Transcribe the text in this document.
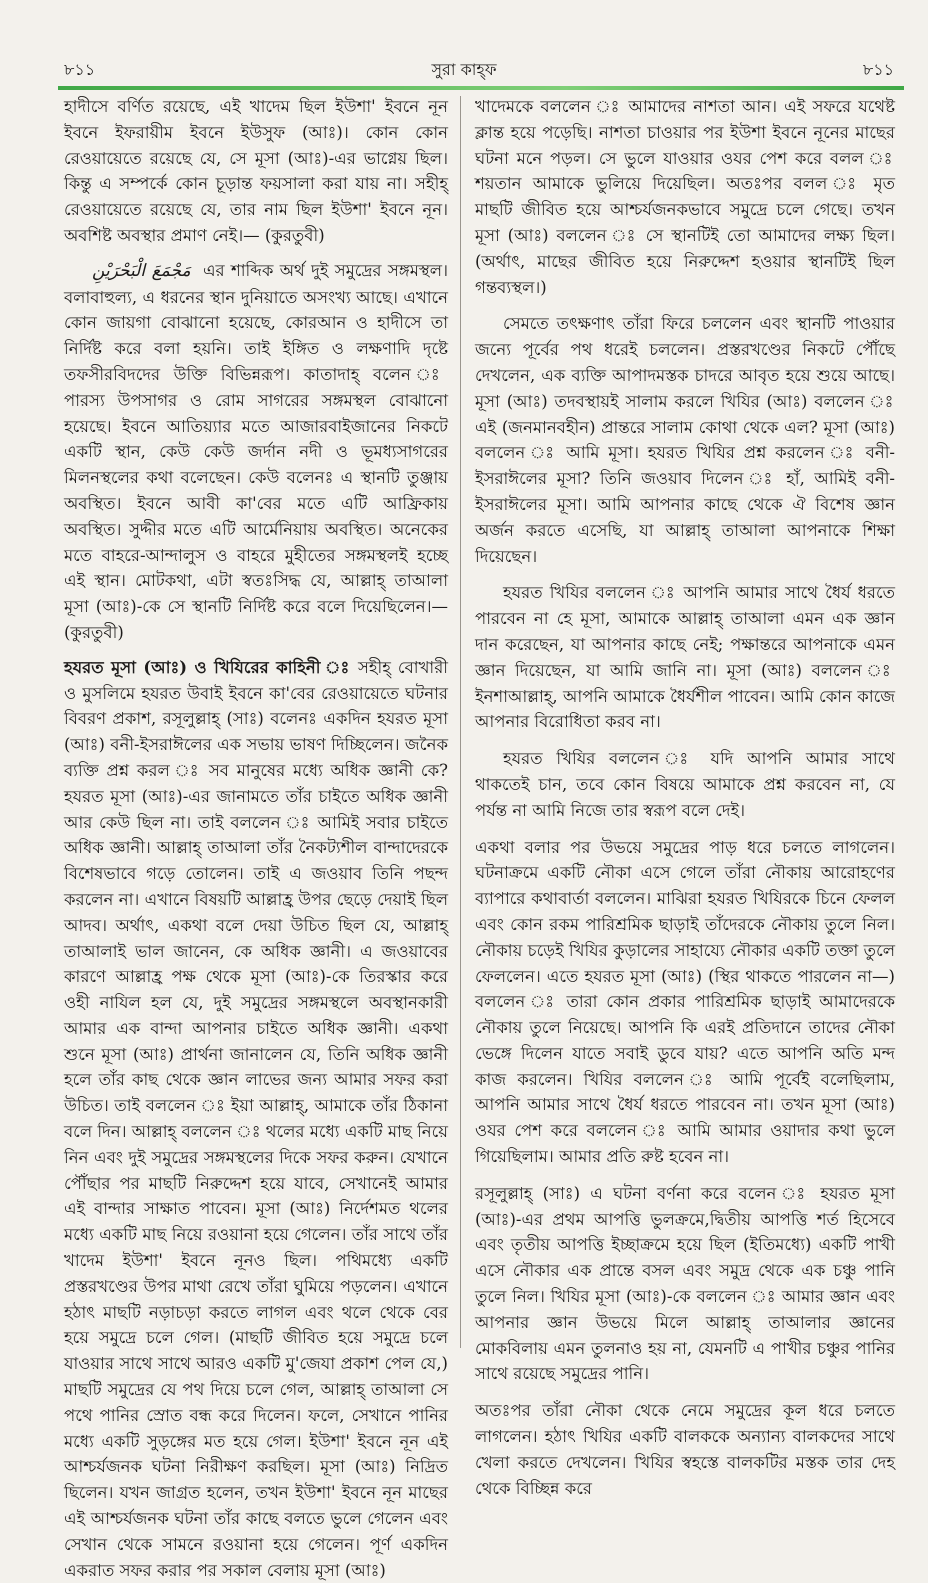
৮১১	সুরা কাহ্ফ	৮১১

হাদীসে বর্ণিত রয়েছে, এই খাদেম ছিল ইউশা' ইবনে নূন ইবনে ইফরায়ীম ইবনে ইউসুফ (আঃ)। কোন কোন রেওয়ায়েতে রয়েছে যে, সে মূসা (আঃ)-এর ভাগ্নেয় ছিল। কিন্তু এ সম্পর্কে কোন চূড়ান্ত ফয়সালা করা যায় না। সহীহ্ রেওয়ায়েতে রয়েছে যে, তার নাম ছিল ইউশা' ইবনে নূন। অবশিষ্ট অবস্থার প্রমাণ নেই।— (কুরতুবী)

مَجْمَعَ الْبَحْرَيْنِ এর শাব্দিক অর্থ দুই সমুদ্রের সঙ্গমস্থল। বলাবাহুল্য, এ ধরনের স্থান দুনিয়াতে অসংখ্য আছে। এখানে কোন জায়গা বোঝানো হয়েছে, কোরআন ও হাদীসে তা নির্দিষ্ট করে বলা হয়নি। তাই ইঙ্গিত ও লক্ষণাদি দৃষ্টে তফসীরবিদদের উক্তি বিভিন্নরূপ। কাতাদাহ্ বলেন ঃ পারস্য উপসাগর ও রোম সাগরের সঙ্গমস্থল বোঝানো হয়েছে। ইবনে আতিয়্যার মতে আজারবাইজানের নিকটে একটি স্থান, কেউ কেউ জর্দান নদী ও ভূমধ্যসাগরের মিলনস্থলের কথা বলেছেন। কেউ বলেনঃ এ স্থানটি তুঞ্জায় অবস্থিত। ইবনে আবী কা'বের মতে এটি আফ্রিকায় অবস্থিত। সুদ্দীর মতে এটি আর্মেনিয়ায় অবস্থিত। অনেকের মতে বাহরে-আন্দালুস ও বাহরে মুহীতের সঙ্গমস্থলই হচ্ছে এই স্থান। মোটকথা, এটা স্বতঃসিদ্ধ যে, আল্লাহ্ তাআলা মূসা (আঃ)-কে সে স্থানটি নির্দিষ্ট করে বলে দিয়েছিলেন।— (কুরতুবী)

হযরত মূসা (আঃ) ও খিযিরের কাহিনী ঃ সহীহ্ বোখারী ও মুসলিমে হযরত উবাই ইবনে কা'বের রেওয়ায়েতে ঘটনার বিবরণ প্রকাশ, রসূলুল্লাহ্ (সাঃ) বলেনঃ একদিন হযরত মূসা (আঃ) বনী-ইসরাঈলের এক সভায় ভাষণ দিচ্ছিলেন। জনৈক ব্যক্তি প্রশ্ন করল ঃ সব মানুষের মধ্যে অধিক জ্ঞানী কে? হযরত মূসা (আঃ)-এর জানামতে তাঁর চাইতে অধিক জ্ঞানী আর কেউ ছিল না। তাই বললেন ঃ আমিই সবার চাইতে অধিক জ্ঞানী। আল্লাহ্ তাআলা তাঁর নৈকট্যশীল বান্দাদেরকে বিশেষভাবে গড়ে তোলেন। তাই এ জওয়াব তিনি পছন্দ করলেন না। এখানে বিষয়টি আল্লাহ্র উপর ছেড়ে দেয়াই ছিল আদব। অর্থাৎ, একথা বলে দেয়া উচিত ছিল যে, আল্লাহ্ তাআলাই ভাল জানেন, কে অধিক জ্ঞানী। এ জওয়াবের কারণে আল্লাহ্র পক্ষ থেকে মূসা (আঃ)-কে তিরস্কার করে ওহী নাযিল হল যে, দুই সমুদ্রের সঙ্গমস্থলে অবস্থানকারী আমার এক বান্দা আপনার চাইতে অধিক জ্ঞানী। একথা শুনে মূসা (আঃ) প্রার্থনা জানালেন যে, তিনি অধিক জ্ঞানী হলে তাঁর কাছ থেকে জ্ঞান লাভের জন্য আমার সফর করা উচিত। তাই বললেন ঃ ইয়া আল্লাহ্, আমাকে তাঁর ঠিকানা বলে দিন। আল্লাহ্ বললেন ঃ থলের মধ্যে একটি মাছ নিয়ে নিন এবং দুই সমুদ্রের সঙ্গমস্থলের দিকে সফর করুন। যেখানে পৌঁছার পর মাছটি নিরুদ্দেশ হয়ে যাবে, সেখানেই আমার এই বান্দার সাক্ষাত পাবেন। মূসা (আঃ) নির্দেশমত থলের মধ্যে একটি মাছ নিয়ে রওয়ানা হয়ে গেলেন। তাঁর সাথে তাঁর খাদেম ইউশা' ইবনে নূনও ছিল। পথিমধ্যে একটি প্রস্তরখণ্ডের উপর মাথা রেখে তাঁরা ঘুমিয়ে পড়লেন। এখানে হঠাৎ মাছটি নড়াচড়া করতে লাগল এবং থলে থেকে বের হয়ে সমুদ্রে চলে গেল। (মাছটি জীবিত হয়ে সমুদ্রে চলে যাওয়ার সাথে সাথে আরও একটি মু'জেযা প্রকাশ পেল যে,) মাছটি সমুদ্রের যে পথ দিয়ে চলে গেল, আল্লাহ্ তাআলা সে পথে পানির স্রোত বন্ধ করে দিলেন। ফলে, সেখানে পানির মধ্যে একটি সুড়ঙ্গের মত হয়ে গেল। ইউশা' ইবনে নূন এই আশ্চর্যজনক ঘটনা নিরীক্ষণ করছিল। মূসা (আঃ) নিদ্রিত ছিলেন। যখন জাগ্রত হলেন, তখন ইউশা' ইবনে নূন মাছের এই আশ্চর্যজনক ঘটনা তাঁর কাছে বলতে ভুলে গেলেন এবং সেখান থেকে সামনে রওয়ানা হয়ে গেলেন। পূর্ণ একদিন একরাত সফর করার পর সকাল বেলায় মূসা (আঃ)

খাদেমকে বললেন ঃ আমাদের নাশতা আন। এই সফরে যথেষ্ট ক্লান্ত হয়ে পড়েছি। নাশতা চাওয়ার পর ইউশা ইবনে নূনের মাছের ঘটনা মনে পড়ল। সে ভুলে যাওয়ার ওযর পেশ করে বলল ঃ শয়তান আমাকে ভুলিয়ে দিয়েছিল। অতঃপর বলল ঃ মৃত মাছটি জীবিত হয়ে আশ্চর্যজনকভাবে সমুদ্রে চলে গেছে। তখন মূসা (আঃ) বললেন ঃ সে স্থানটিই তো আমাদের লক্ষ্য ছিল। (অর্থাৎ, মাছের জীবিত হয়ে নিরুদ্দেশ হওয়ার স্থানটিই ছিল গন্তব্যস্থল।)

সেমতে তৎক্ষণাৎ তাঁরা ফিরে চললেন এবং স্থানটি পাওয়ার জন্যে পূর্বের পথ ধরেই চললেন। প্রস্তরখণ্ডের নিকটে পৌঁছে দেখলেন, এক ব্যক্তি আপাদমস্তক চাদরে আবৃত হয়ে শুয়ে আছে। মূসা (আঃ) তদবস্থায়ই সালাম করলে খিযির (আঃ) বললেন ঃ এই (জনমানবহীন) প্রান্তরে সালাম কোথা থেকে এল? মূসা (আঃ) বললেন ঃ আমি মূসা। হযরত খিযির প্রশ্ন করলেন ঃ বনী-ইসরাঈলের মূসা? তিনি জওয়াব দিলেন ঃ হাঁ, আমিই বনী-ইসরাঈলের মূসা। আমি আপনার কাছে থেকে ঐ বিশেষ জ্ঞান অর্জন করতে এসেছি, যা আল্লাহ্ তাআলা আপনাকে শিক্ষা দিয়েছেন।

হযরত খিযির বললেন ঃ আপনি আমার সাথে ধৈর্য ধরতে পারবেন না হে মূসা, আমাকে আল্লাহ্ তাআলা এমন এক জ্ঞান দান করেছেন, যা আপনার কাছে নেই; পক্ষান্তরে আপনাকে এমন জ্ঞান দিয়েছেন, যা আমি জানি না। মূসা (আঃ) বললেন ঃ ইনশাআল্লাহ্, আপনি আমাকে ধৈর্যশীল পাবেন। আমি কোন কাজে আপনার বিরোধিতা করব না।

হযরত খিযির বললেন ঃ যদি আপনি আমার সাথে থাকতেই চান, তবে কোন বিষয়ে আমাকে প্রশ্ন করবেন না, যে পর্যন্ত না আমি নিজে তার স্বরূপ বলে দেই।

একথা বলার পর উভয়ে সমুদ্রের পাড় ধরে চলতে লাগলেন। ঘটনাক্রমে একটি নৌকা এসে গেলে তাঁরা নৌকায় আরোহণের ব্যাপারে কথাবার্তা বললেন। মাঝিরা হযরত খিযিরকে চিনে ফেলল এবং কোন রকম পারিশ্রমিক ছাড়াই তাঁদেরকে নৌকায় তুলে নিল। নৌকায় চড়েই খিযির কুড়ালের সাহায্যে নৌকার একটি তক্তা তুলে ফেললেন। এতে হযরত মূসা (আঃ) (স্থির থাকতে পারলেন না—) বললেন ঃ তারা কোন প্রকার পারিশ্রমিক ছাড়াই আমাদেরকে নৌকায় তুলে নিয়েছে। আপনি কি এরই প্রতিদানে তাদের নৌকা ভেঙ্গে দিলেন যাতে সবাই ডুবে যায়? এতে আপনি অতি মন্দ কাজ করলেন। খিযির বললেন ঃ আমি পূর্বেই বলেছিলাম, আপনি আমার সাথে ধৈর্য ধরতে পারবেন না। তখন মূসা (আঃ) ওযর পেশ করে বললেন ঃ আমি আমার ওয়াদার কথা ভুলে গিয়েছিলাম। আমার প্রতি রুষ্ট হবেন না।

রসূলুল্লাহ্ (সাঃ) এ ঘটনা বর্ণনা করে বলেন ঃ হযরত মূসা (আঃ)-এর প্রথম আপত্তি ভুলক্রমে,দ্বিতীয় আপত্তি শর্ত হিসেবে এবং তৃতীয় আপত্তি ইচ্ছাক্রমে হয়ে ছিল (ইতিমধ্যে) একটি পাখী এসে নৌকার এক প্রান্তে বসল এবং সমুদ্র থেকে এক চঞ্চু পানি তুলে নিল। খিযির মূসা (আঃ)-কে বললেন ঃ আমার জ্ঞান এবং আপনার জ্ঞান উভয়ে মিলে আল্লাহ্ তাআলার জ্ঞানের মোকবিলায় এমন তুলনাও হয় না, যেমনটি এ পাখীর চঞ্চুর পানির সাথে রয়েছে সমুদ্রের পানি।

অতঃপর তাঁরা নৌকা থেকে নেমে সমুদ্রের কূল ধরে চলতে লাগলেন। হঠাৎ খিযির একটি বালককে অন্যান্য বালকদের সাথে খেলা করতে দেখলেন। খিযির স্বহস্তে বালকটির মস্তক তার দেহ থেকে বিচ্ছিন্ন করে
